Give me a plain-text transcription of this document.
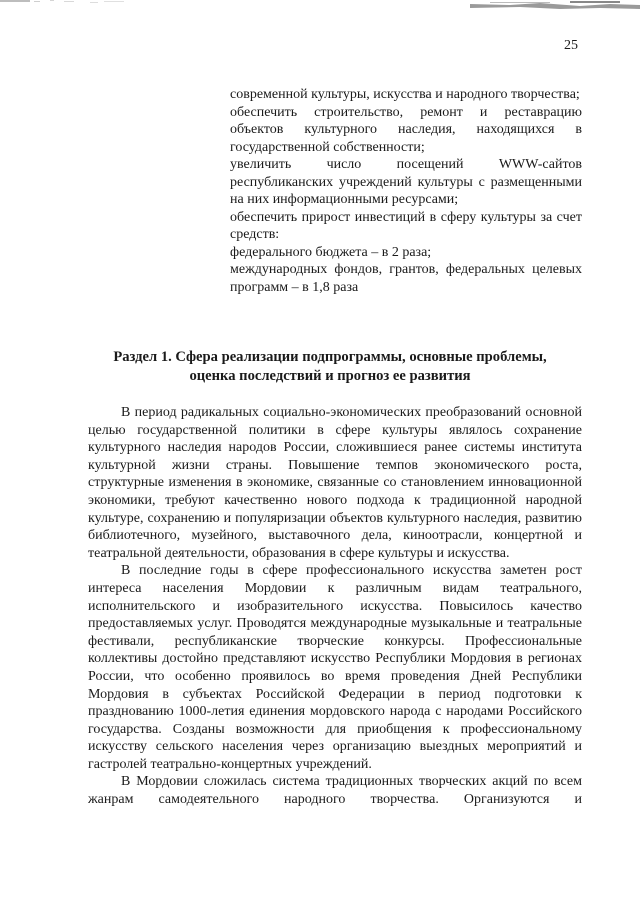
25

современной культуры, искусства и народного творчества;

обеспечить строительство, ремонт и реставрацию объектов культурного наследия, находящихся в государственной собственности;

увеличить число посещений WWW-сайтов республиканских учреждений культуры с размещенными на них информационными ресурсами;

обеспечить прирост инвестиций в сферу культуры за счет средств:

федерального бюджета – в 2 раза;

международных фондов, грантов, федеральных целевых программ – в 1,8 раза

Раздел 1. Сфера реализации подпрограммы, основные проблемы,
оценка последствий и прогноз ее развития

В период радикальных социально-экономических преобразований основной целью государственной политики в сфере культуры являлось сохранение культурного наследия народов России, сложившиеся ранее системы института культурной жизни страны. Повышение темпов экономического роста, структурные изменения в экономике, связанные со становлением инновационной экономики, требуют качественно нового подхода к традиционной народной культуре, сохранению и популяризации объектов культурного наследия, развитию библиотечного, музейного, выставочного дела, киноотрасли, концертной и театральной деятельности, образования в сфере культуры и искусства.

В последние годы в сфере профессионального искусства заметен рост интереса населения Мордовии к различным видам театрального, исполнительского и изобразительного искусства. Повысилось качество предоставляемых услуг. Проводятся международные музыкальные и театральные фестивали, республиканские творческие конкурсы. Профессиональные коллективы достойно представляют искусство Республики Мордовия в регионах России, что особенно проявилось во время проведения Дней Республики Мордовия в субъектах Российской Федерации в период подготовки к празднованию 1000-летия единения мордовского народа с народами Российского государства. Созданы возможности для приобщения к профессиональному искусству сельского населения через организацию выездных мероприятий и гастролей театрально-концертных учреждений.

В Мордовии сложилась система традиционных творческих акций по всем жанрам самодеятельного народного творчества. Организуются и
